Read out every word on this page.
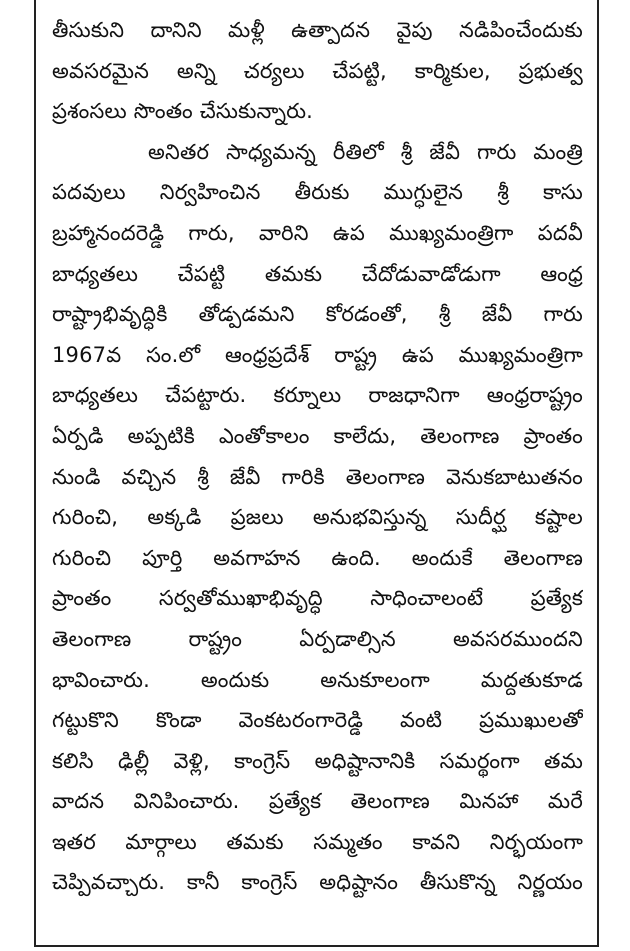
తీసుకుని దానిని మళ్లీ ఉత్పాదన వైపు నడిపించేందుకు
అవసరమైన అన్ని చర్యలు చేపట్టి, కార్మికుల, ప్రభుత్వ
ప్రశంసలు సొంతం చేసుకున్నారు.
అనితర సాధ్యమన్న రీతిలో శ్రీ జేవీ గారు మంత్రి
పదవులు నిర్వహించిన తీరుకు ముగ్ధులైన శ్రీ కాసు
బ్రహ్మానందరెడ్డి గారు, వారిని ఉప ముఖ్యమంత్రిగా పదవీ
బాధ్యతలు చేపట్టి తమకు చేదోడువాడోడుగా ఆంధ్ర
రాష్ట్రాభివృద్ధికి తోడ్పడమని కోరడంతో, శ్రీ జేవీ గారు
1967వ సం.లో ఆంధ్రప్రదేశ్ రాష్ట్ర ఉప ముఖ్యమంత్రిగా
బాధ్యతలు చేపట్టారు. కర్నూలు రాజధానిగా ఆంధ్రరాష్ట్రం
ఏర్పడి అప్పటికి ఎంతోకాలం కాలేదు, తెలంగాణ ప్రాంతం
నుండి వచ్చిన శ్రీ జేవీ గారికి తెలంగాణ వెనుకబాటుతనం
గురించి, అక్కడి ప్రజలు అనుభవిస్తున్న సుదీర్ఘ కష్టాల
గురించి పూర్తి అవగాహన ఉంది. అందుకే తెలంగాణ
ప్రాంతం సర్వతోముఖాభివృద్ధి సాధించాలంటే ప్రత్యేక
తెలంగాణ రాష్ట్రం ఏర్పడాల్సిన అవసరముందని
భావించారు. అందుకు అనుకూలంగా మద్దతుకూడ
గట్టుకొని కొండా వెంకటరంగారెడ్డి వంటి ప్రముఖులతో
కలిసి ఢిల్లీ వెళ్లి, కాంగ్రెస్ అధిష్టానానికి సమర్థంగా తమ
వాదన వినిపించారు. ప్రత్యేక తెలంగాణ మినహా మరే
ఇతర మార్గాలు తమకు సమ్మతం కావని నిర్భయంగా
చెప్పివచ్చారు. కానీ కాంగ్రెస్ అధిష్టానం తీసుకొన్న నిర్ణయం
